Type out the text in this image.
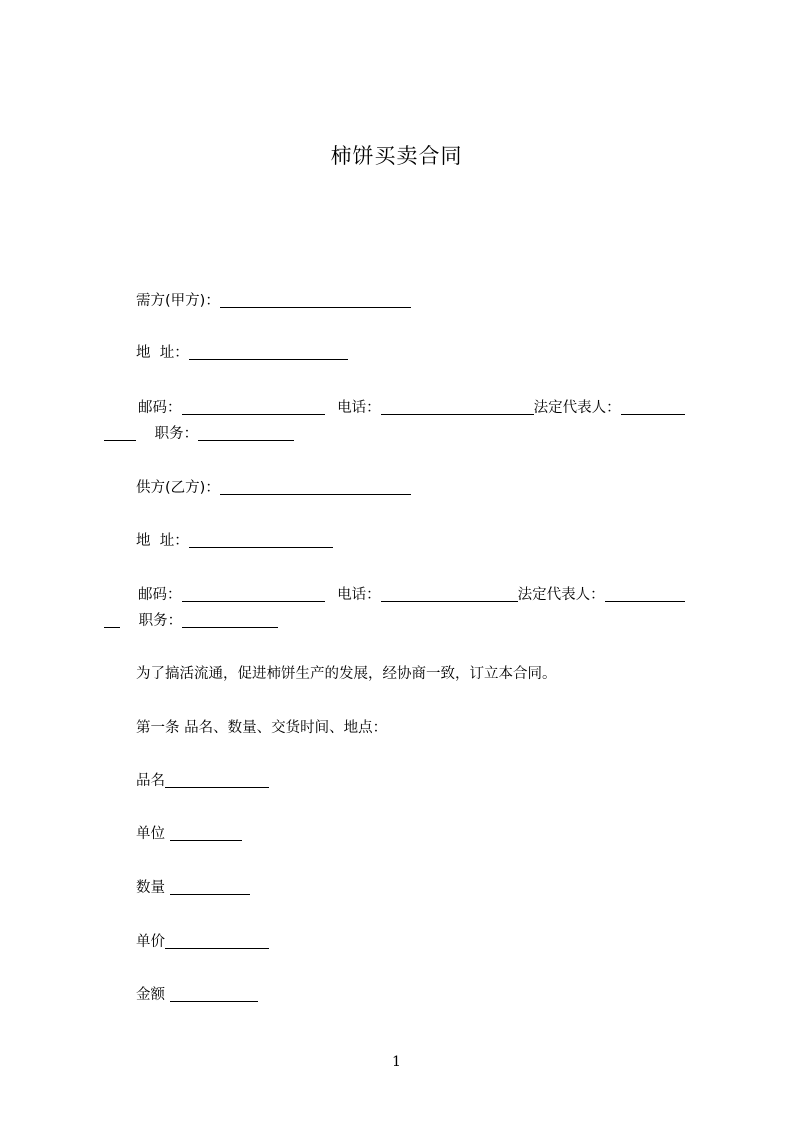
柿饼买卖合同
需方(甲方)：
地  址：
邮码：	电话：	法定代表人：
职务：
供方(乙方)：
地  址：
邮码：	电话：	法定代表人：
职务：
为了搞活流通，促进柿饼生产的发展，经协商一致，订立本合同。
第一条 品名、数量、交货时间、地点：
品名
单位
数量
单价
金额
1
